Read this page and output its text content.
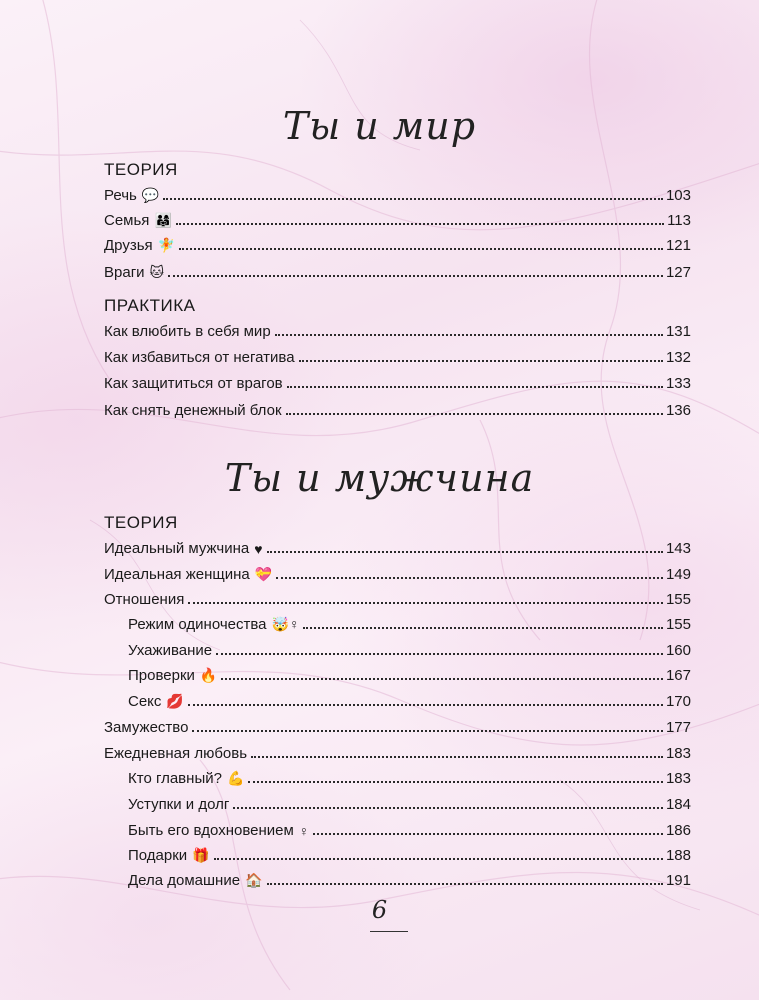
Ты и мир
ТЕОРИЯ
Речь 💬	103
Семья 👨‍👩‍👧	113
Друзья 🧚	121
Враги 🐱	127
ПРАКТИКА
Как влюбить в себя мир	131
Как избавиться от негатива	132
Как защититься от врагов	133
Как снять денежный блок	136
Ты и мужчина
ТЕОРИЯ
Идеальный мужчина ♥	143
Идеальная женщина 💝	149
Отношения	155
Режим одиночества 🤯♀	155
Ухаживание	160
Проверки 🔥	167
Секс 💋	170
Замужество	177
Ежедневная любовь	183
Кто главный? 💪	183
Уступки и долг	184
Быть его вдохновением ♀	186
Подарки 🎁	188
Дела домашние 🏠	191
6
